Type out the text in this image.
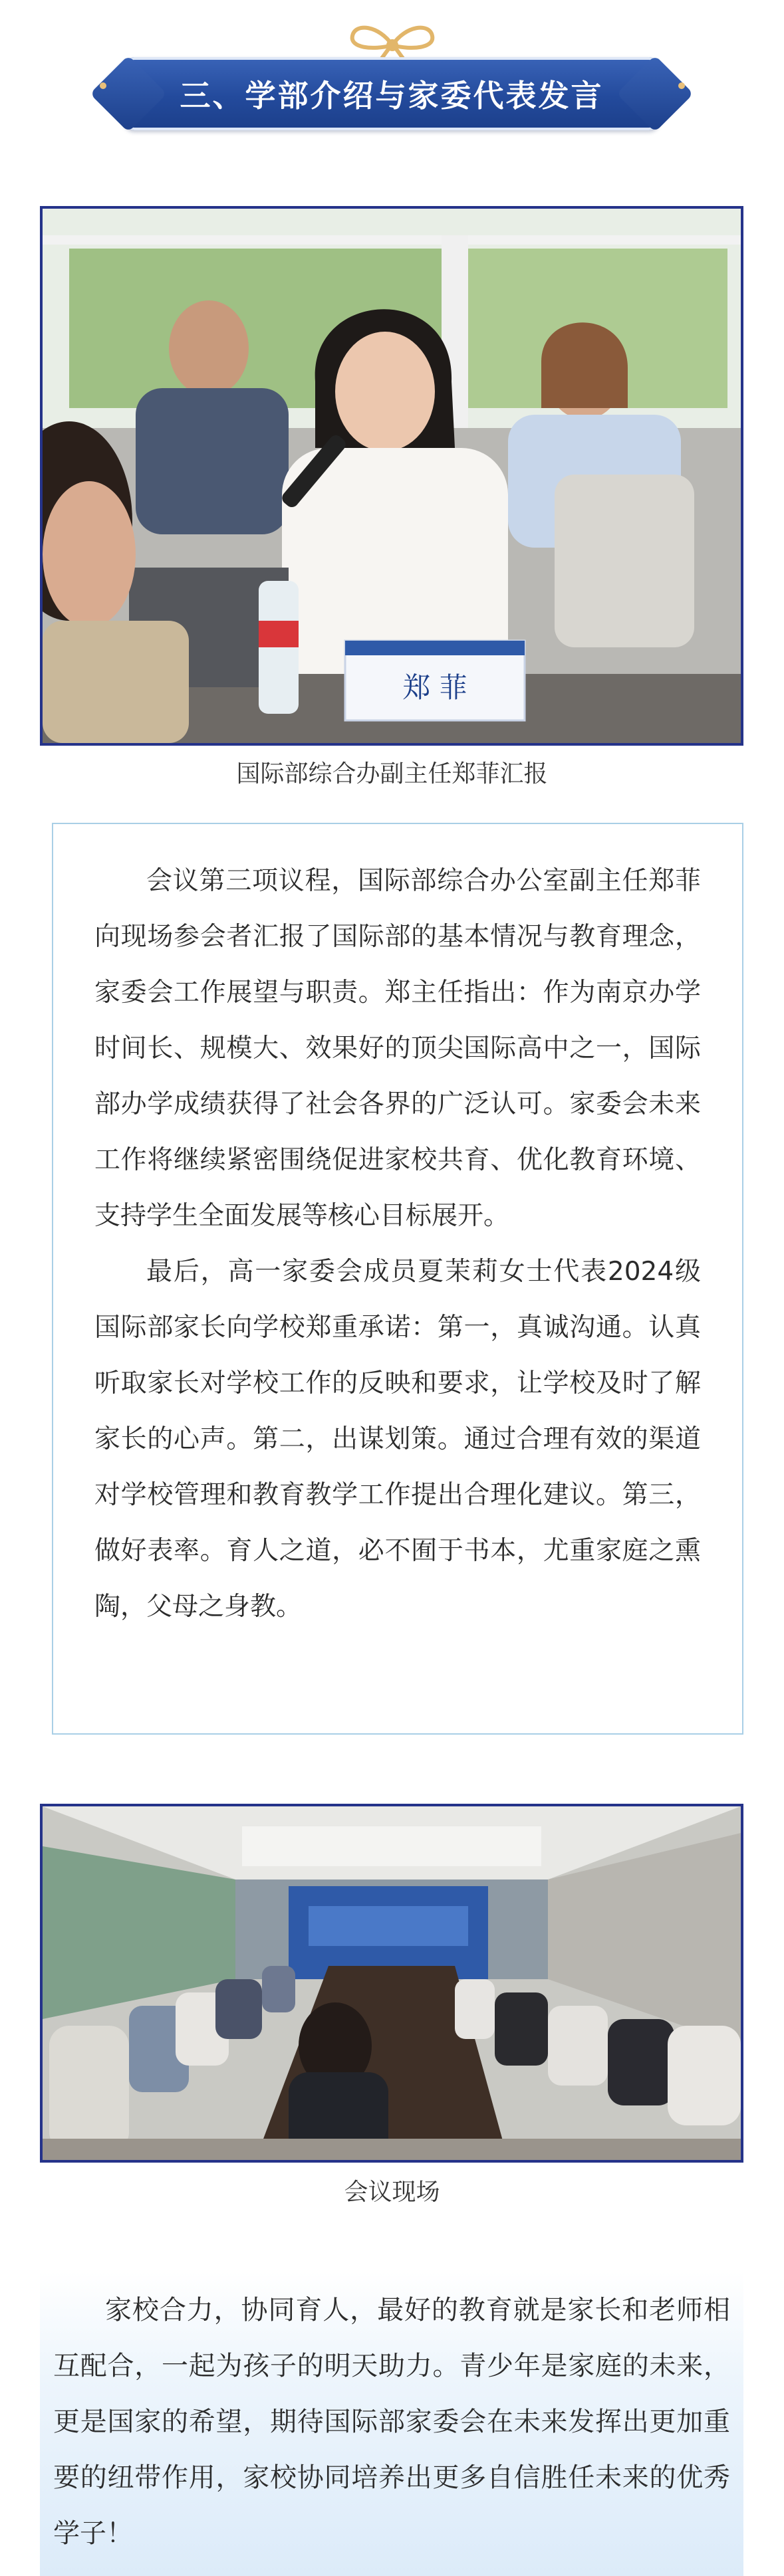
三、学部介绍与家委代表发言
郑 菲
国际部综合办副主任郑菲汇报

会议第三项议程，国际部综合办公室副主任郑菲向现场参会者汇报了国际部的基本情况与教育理念，家委会工作展望与职责。郑主任指出：作为南京办学时间长、规模大、效果好的顶尖国际高中之一，国际部办学成绩获得了社会各界的广泛认可。家委会未来工作将继续紧密围绕促进家校共育、优化教育环境、支持学生全面发展等核心目标展开。

最后，高一家委会成员夏茉莉女士代表2024级国际部家长向学校郑重承诺：第一，真诚沟通。认真听取家长对学校工作的反映和要求，让学校及时了解家长的心声。第二，出谋划策。通过合理有效的渠道对学校管理和教育教学工作提出合理化建议。第三，做好表率。育人之道，必不囿于书本，尤重家庭之熏陶，父母之身教。

会议现场

家校合力，协同育人，最好的教育就是家长和老师相互配合，一起为孩子的明天助力。青少年是家庭的未来，更是国家的希望，期待国际部家委会在未来发挥出更加重要的纽带作用，家校协同培养出更多自信胜任未来的优秀学子！
